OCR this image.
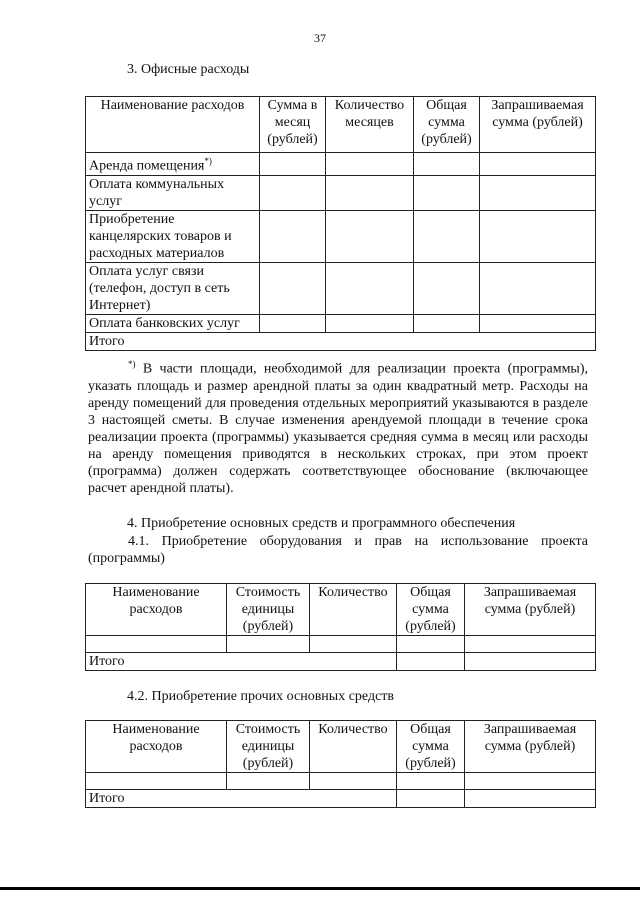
37
3. Офисные расходы
Наименование расходов	Сумма в месяц (рублей)	Количество месяцев	Общая сумма (рублей)	Запрашиваемая сумма (рублей)
Аренда помещения*)				
Оплата коммунальных услуг				
Приобретение канцелярских товаров и расходных материалов				
Оплата услуг связи (телефон, доступ в сеть Интернет)				
Оплата банковских услуг				
Итого				
*) В части площади, необходимой для реализации проекта (программы), указать площадь и размер арендной платы за один квадратный метр. Расходы на аренду помещений для проведения отдельных мероприятий указываются в разделе 3 настоящей сметы. В случае изменения арендуемой площади в течение срока реализации проекта (программы) указывается средняя сумма в месяц или расходы на аренду помещения приводятся в нескольких строках, при этом проект (программа) должен содержать соответствующее обоснование (включающее расчет арендной платы).
4. Приобретение основных средств и программного обеспечения
4.1. Приобретение оборудования и прав на использование проекта (программы)
Наименование расходов	Стоимость единицы (рублей)	Количество	Общая сумма (рублей)	Запрашиваемая сумма (рублей)

Итого				
4.2. Приобретение прочих основных средств
Наименование расходов	Стоимость единицы (рублей)	Количество	Общая сумма (рублей)	Запрашиваемая сумма (рублей)

Итого				
